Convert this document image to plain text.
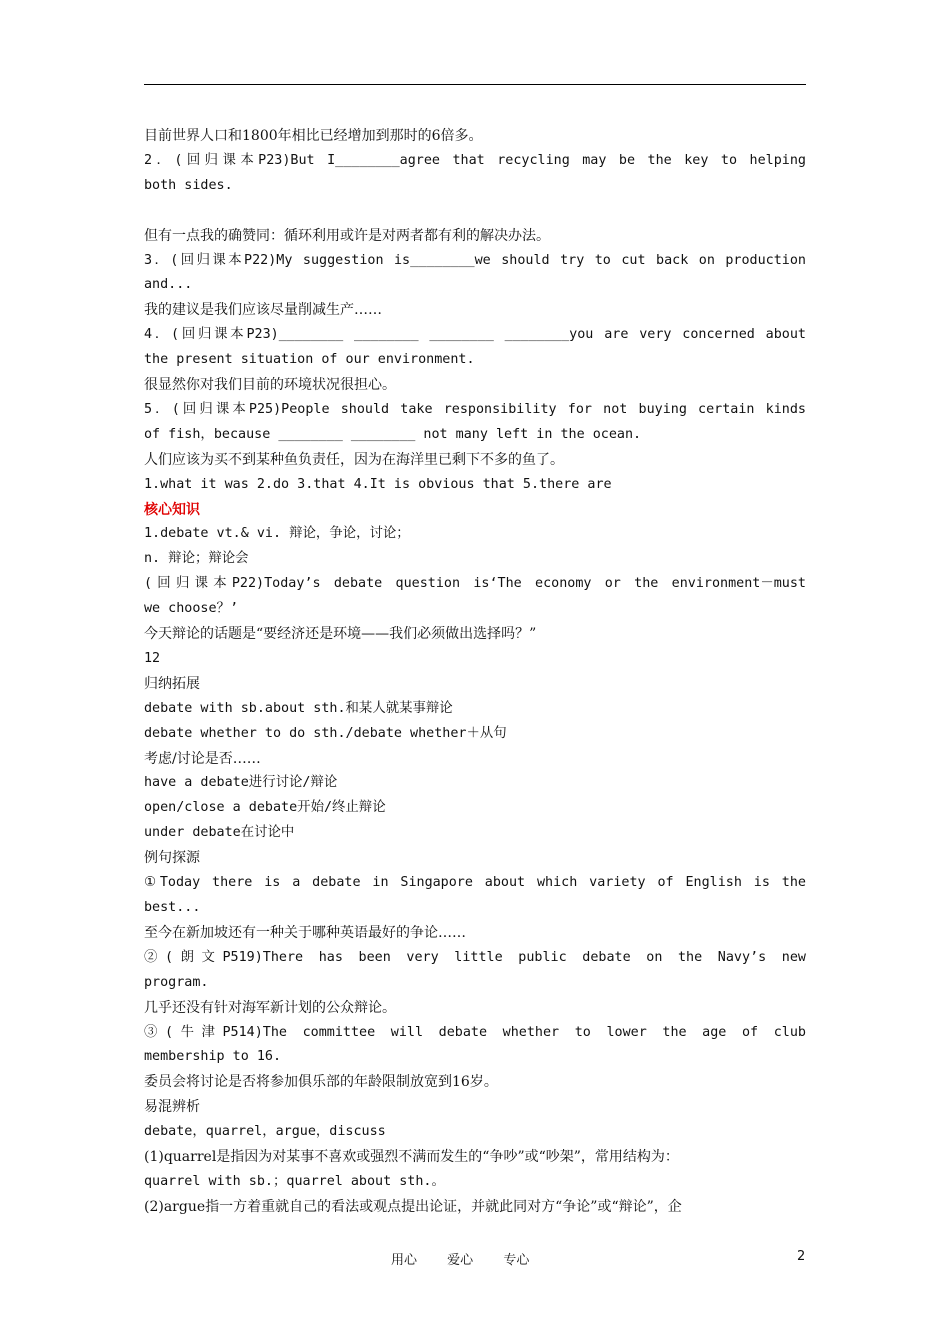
目前世界人口和1800年相比已经增加到那时的6倍多。
2．(回归课本P23)But I________agree that recycling may be the key to helping
both sides.
但有一点我的确赞同：循环利用或许是对两者都有利的解决办法。
3．(回归课本P22)My suggestion is________we should try to cut back on production
and...
我的建议是我们应该尽量削减生产……
4．(回归课本P23)________ ________ ________ ________you are very concerned about
the present situation of our environment.
很显然你对我们目前的环境状况很担心。
5．(回归课本P25)People should take responsibility for not buying certain kinds
of fish，because ________ ________ not many left in the ocean.
人们应该为买不到某种鱼负责任，因为在海洋里已剩下不多的鱼了。
1.what it was 2.do 3.that 4.It is obvious that 5.there are
核心知识
1.debate vt.& vi. 辩论，争论，讨论；
n. 辩论；辩论会
(回归课本P22)Today’s debate question is‘The economy or the environment－must
we choose？’
今天辩论的话题是“要经济还是环境——我们必须做出选择吗？”
12
归纳拓展
debate with sb.about sth.和某人就某事辩论
debate whether to do sth./debate whether＋从句
考虑/讨论是否……
have a debate进行讨论/辩论
open/close a debate开始/终止辩论
under debate在讨论中
例句探源
①Today there is a debate in Singapore about which variety of English is the
best...
至今在新加坡还有一种关于哪种英语最好的争论……
②(朗文P519)There has been very little public debate on the Navy’s new
program.
几乎还没有针对海军新计划的公众辩论。
③(牛津P514)The committee will debate whether to lower the age of club
membership to 16.
委员会将讨论是否将参加俱乐部的年龄限制放宽到16岁。
易混辨析
debate，quarrel，argue，discuss
(1)quarrel是指因为对某事不喜欢或强烈不满而发生的“争吵”或“吵架”，常用结构为：
quarrel with sb.；quarrel about sth.。
(2)argue指一方着重就自己的看法或观点提出论证，并就此同对方“争论”或“辩论”，企
用心 爱心 专心	2
